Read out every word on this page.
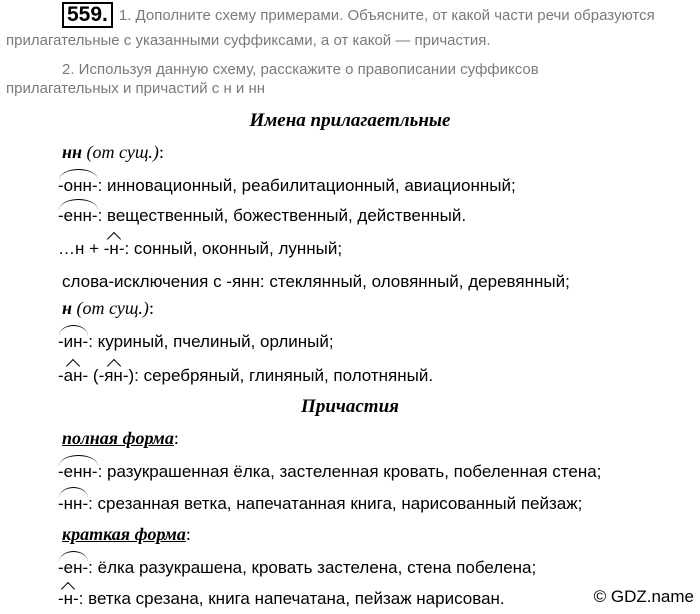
559. 1. Дополните схему примерами. Объясните, от какой части речи образуются
прилагательные с указанными суффиксами, а от какой — причастия.
2. Используя данную схему, расскажите о правописании суффиксов
прилагательных и причастий с н и нн
Имена прилагаетльные
нн (от сущ.):
-онн-: инновационный, реабилитационный, авиационный;
-енн-: вещественный, божественный, действенный.
…н +
-н-: сонный, оконный, лунный;
слова-исключения с -янн: стеклянный, оловянный, деревянный;
н (от сущ.):
-ин-: куриный, пчелиный, орлиный;
-ан- (
-ян-): серебряный, глиняный, полотняный.
Причастия
полная форма:
-енн-: разукрашенная ёлка, застеленная кровать, побеленная стена;
-нн-: срезанная ветка, напечатанная книга, нарисованный пейзаж;
краткая форма:
-ен-: ёлка разукрашена, кровать застелена, стена побелена;
-н-: ветка срезана, книга напечатана, пейзаж нарисован.	© GDZ.name
